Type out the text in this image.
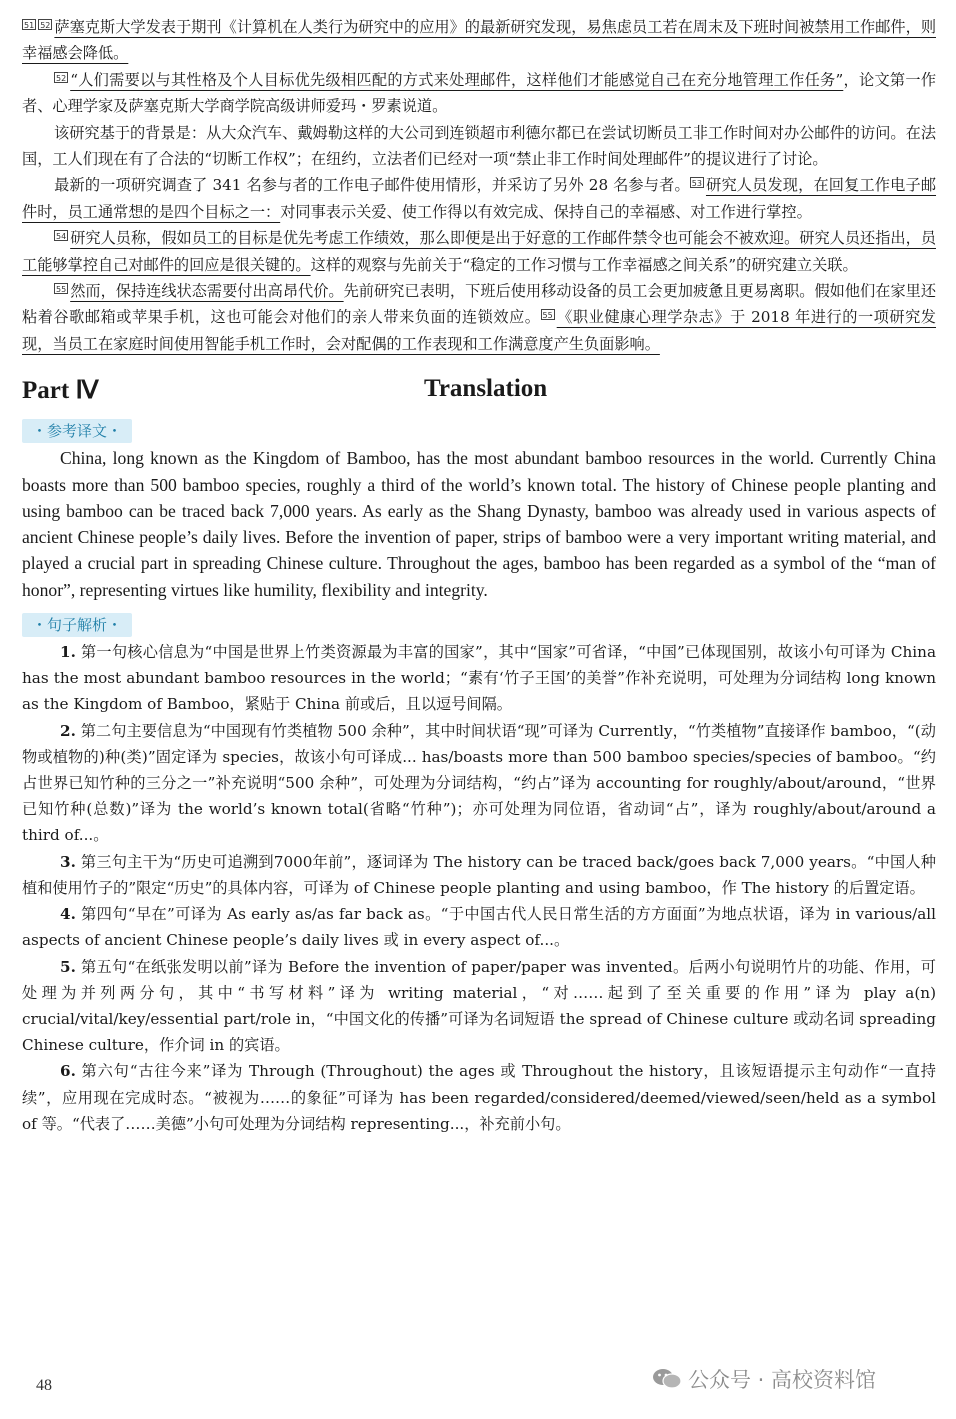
51 52 萨塞克斯大学发表于期刊《计算机在人类行为研究中的应用》的最新研究发现，易焦虑员工若在周末及下班时间被禁用工作邮件，则幸福感会降低。

52 “人们需要以与其性格及个人目标优先级相匹配的方式来处理邮件，这样他们才能感觉自己在充分地管理工作任务”，论文第一作者、心理学家及萨塞克斯大学商学院高级讲师爱玛・罗素说道。

该研究基于的背景是：从大众汽车、戴姆勒这样的大公司到连锁超市利德尔都已在尝试切断员工非工作时间对办公邮件的访问。在法国，工人们现在有了合法的“切断工作权”；在纽约，立法者们已经对一项“禁止非工作时间处理邮件”的提议进行了讨论。

最新的一项研究调查了 341 名参与者的工作电子邮件使用情形，并采访了另外 28 名参与者。 53 研究人员发现，在回复工作电子邮件时，员工通常想的是四个目标之一：对同事表示关爱、使工作得以有效完成、保持自己的幸福感、对工作进行掌控。

54 研究人员称，假如员工的目标是优先考虑工作绩效，那么即便是出于好意的工作邮件禁令也可能会不被欢迎。研究人员还指出，员工能够掌控自己对邮件的回应是很关键的。这样的观察与先前关于“稳定的工作习惯与工作幸福感之间关系”的研究建立关联。

55 然而，保持连线状态需要付出高昂代价。先前研究已表明，下班后使用移动设备的员工会更加疲惫且更易离职。假如他们在家里还粘着谷歌邮箱或苹果手机，这也可能会对他们的亲人带来负面的连锁效应。 55 《职业健康心理学杂志》于 2018 年进行的一项研究发现，当员工在家庭时间使用智能手机工作时，会对配偶的工作表现和工作满意度产生负面影响。

Part Ⅳ	Translation
・参考译文・

China, long known as the Kingdom of Bamboo, has the most abundant bamboo resources in the world. Currently China boasts more than 500 bamboo species, roughly a third of the world’s known total. The history of Chinese people planting and using bamboo can be traced back 7,000 years. As early as the Shang Dynasty, bamboo was already used in various aspects of ancient Chinese people’s daily lives. Before the invention of paper, strips of bamboo were a very important writing material, and played a crucial part in spreading Chinese culture. Throughout the ages, bamboo has been regarded as a symbol of the “man of honor”, representing virtues like humility, flexibility and integrity.

・句子解析・

1. 第一句核心信息为“中国是世界上竹类资源最为丰富的国家”，其中“国家”可省译，“中国”已体现国别，故该小句可译为 China has the most abundant bamboo resources in the world；“素有‘竹子王国’的美誉”作补充说明，可处理为分词结构 long known as the Kingdom of Bamboo，紧贴于 China 前或后，且以逗号间隔。

2. 第二句主要信息为“中国现有竹类植物 500 余种”，其中时间状语“现”可译为 Currently，“竹类植物”直接译作 bamboo，“(动物或植物的)种(类)”固定译为 species，故该小句可译成... has/boasts more than 500 bamboo species/species of bamboo。“约占世界已知竹种的三分之一”补充说明“500 余种”，可处理为分词结构，“约占”译为 accounting for roughly/about/around，“世界已知竹种(总数)”译为 the world’s known total(省略“竹种”)；亦可处理为同位语，省动词“占”，译为 roughly/about/around a third of...。

3. 第三句主干为“历史可追溯到7000年前”，逐词译为 The history can be traced back/goes back 7,000 years。“中国人种植和使用竹子的”限定“历史”的具体内容，可译为 of Chinese people planting and using bamboo，作 The history 的后置定语。

4. 第四句“早在”可译为 As early as/as far back as。“于中国古代人民日常生活的方方面面”为地点状语，译为 in various/all aspects of ancient Chinese people’s daily lives 或 in every aspect of...。

5. 第五句“在纸张发明以前”译为 Before the invention of paper/paper was invented。后两小句说明竹片的功能、作用，可处理为并列两分句，其中“书写材料”译为 writing material，“对……起到了至关重要的作用”译为 play a(n) crucial/vital/key/essential part/role in，“中国文化的传播”可译为名词短语 the spread of Chinese culture 或动名词 spreading Chinese culture，作介词 in 的宾语。

6. 第六句“古往今来”译为 Through (Throughout) the ages 或 Throughout the history，且该短语提示主句动作“一直持续”，应用现在完成时态。“被视为……的象征”可译为 has been regarded/considered/deemed/viewed/seen/held as a symbol of 等。“代表了……美德”小句可处理为分词结构 representing...，补充前小句。

48	公众号 · 高校资料馆
